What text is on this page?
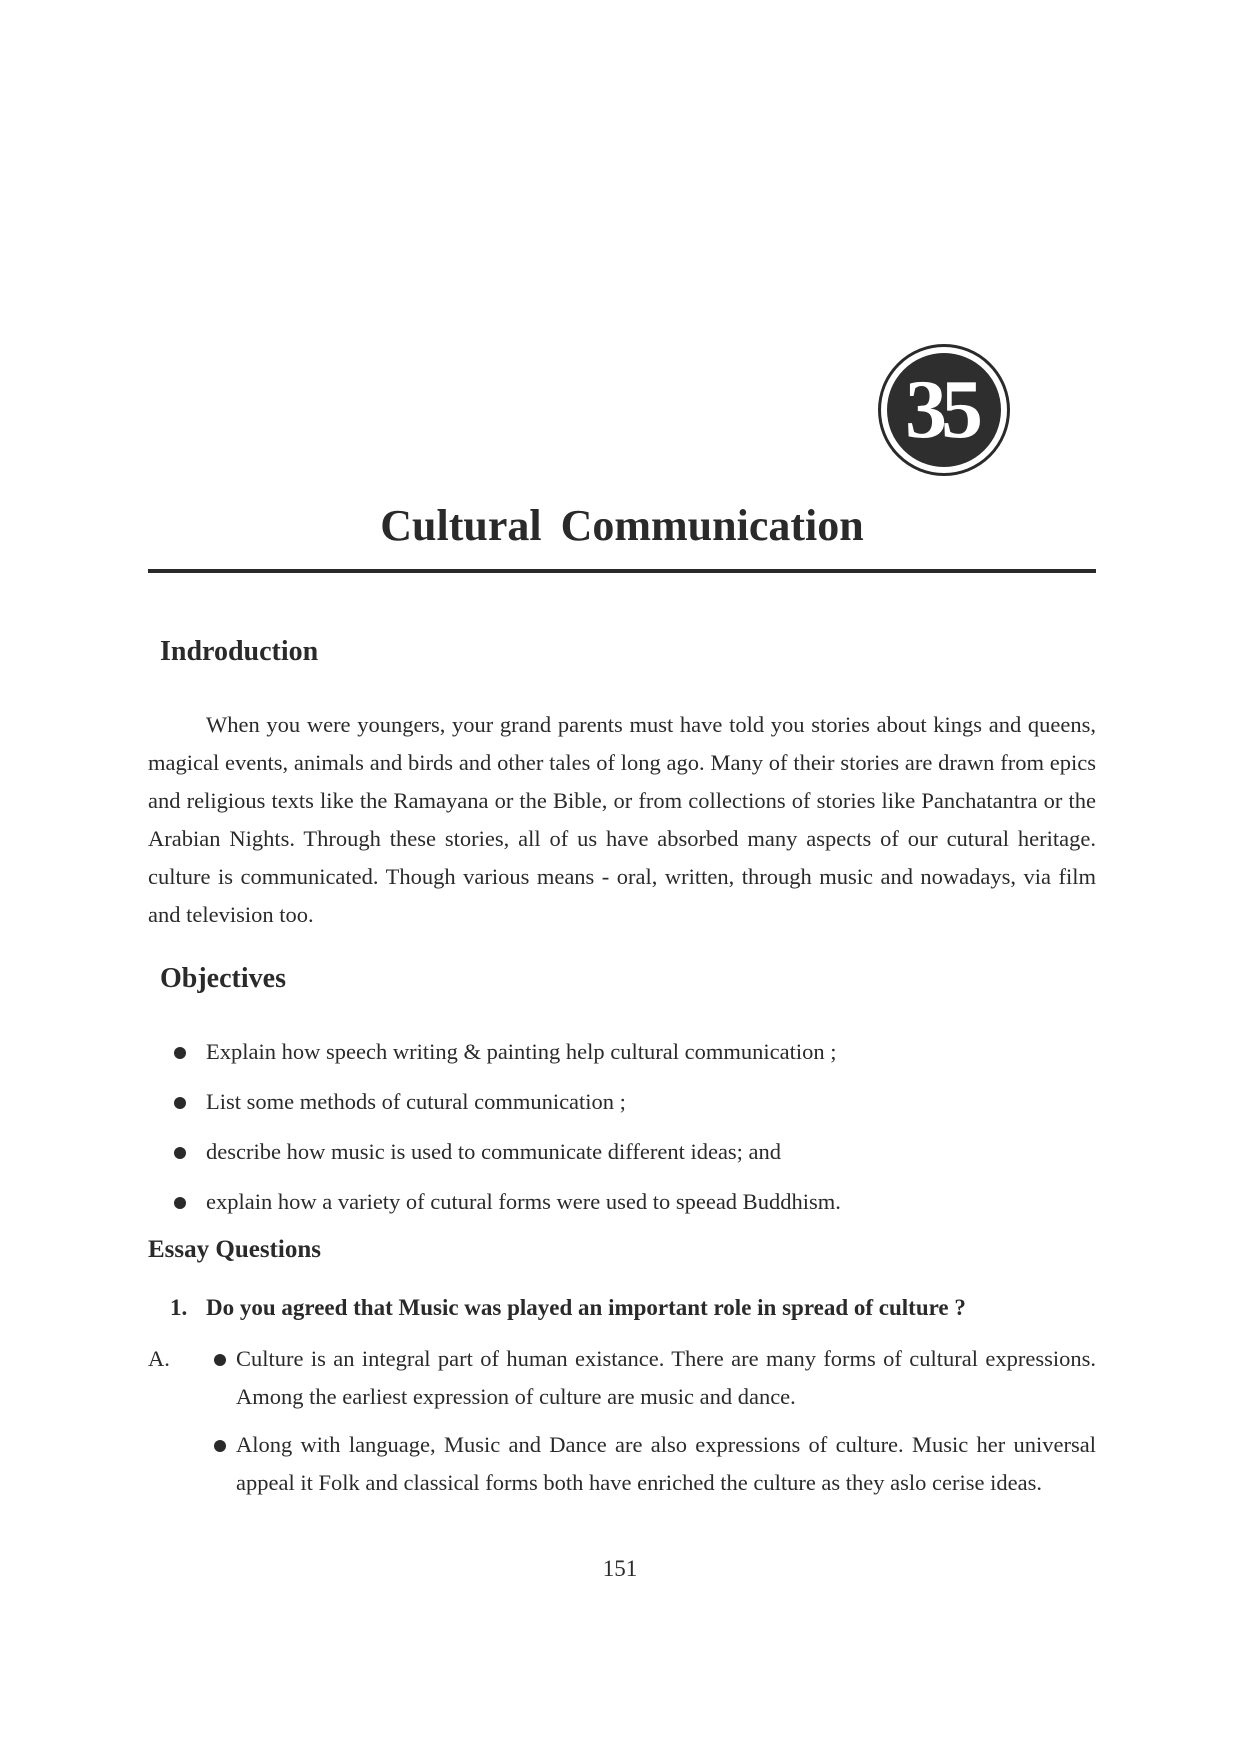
35
Cultural Communication
Indroduction

When you were youngers, your grand parents must have told you stories about kings and queens, magical events, animals and birds and other tales of long ago. Many of their stories are drawn from epics and religious texts like the Ramayana or the Bible, or from collections of stories like Panchatantra or the Arabian Nights. Through these stories, all of us have absorbed many aspects of our cutural heritage. culture is communicated. Though various means - oral, written, through music and nowadays, via film and television too.

Objectives
Explain how speech writing & painting help cultural communication ;
List some methods of cutural communication ;
describe how music is used to communicate different ideas; and
explain how a variety of cutural forms were used to speead Buddhism.
Essay Questions

1. Do you agreed that Music was played an important role in spread of culture ?

A.	Culture is an integral part of human existance. There are many forms of cultural expressions. Among the earliest expression of culture are music and dance.
Along with language, Music and Dance are also expressions of culture. Music her universal appeal it Folk and classical forms both have enriched the culture as they aslo cerise ideas.
151
